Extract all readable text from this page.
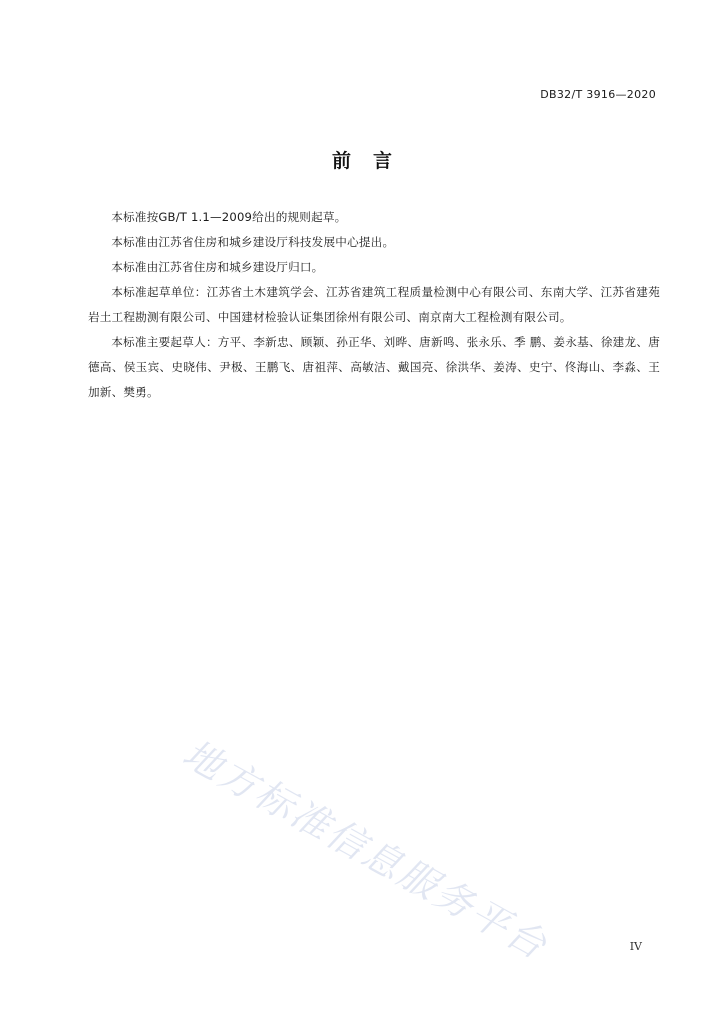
DB32/T 3916—2020
前 言

本标准按GB/T 1.1—2009给出的规则起草。

本标准由江苏省住房和城乡建设厅科技发展中心提出。

本标准由江苏省住房和城乡建设厅归口。

本标准起草单位：江苏省土木建筑学会、江苏省建筑工程质量检测中心有限公司、东南大学、江苏省建苑岩土工程勘测有限公司、中国建材检验认证集团徐州有限公司、南京南大工程检测有限公司。

本标准主要起草人：方平、李新忠、顾颖、孙正华、刘晔、唐新鸣、张永乐、季 鹏、姜永基、徐建龙、唐德高、侯玉宾、史晓伟、尹极、王鹏飞、唐祖萍、高敏洁、戴国亮、徐洪华、姜涛、史宁、佟海山、李淼、王加新、樊勇。

地方标准信息服务平台	IV
